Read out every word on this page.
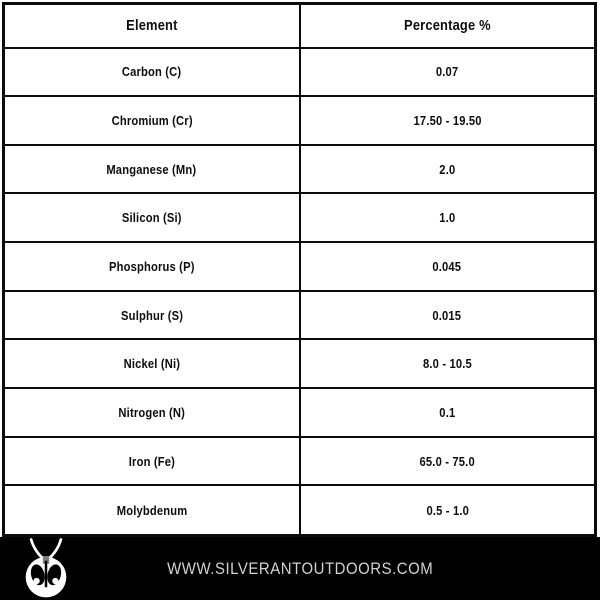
Element	Percentage %
Carbon (C)	0.07
Chromium (Cr)	17.50 - 19.50
Manganese (Mn)	2.0
Silicon (Si)	1.0
Phosphorus (P)	0.045
Sulphur (S)	0.015
Nickel (Ni)	8.0 - 10.5
Nitrogen (N)	0.1
Iron (Fe)	65.0 - 75.0
Molybdenum	0.5 - 1.0
WWW.SILVERANTOUTDOORS.COM
